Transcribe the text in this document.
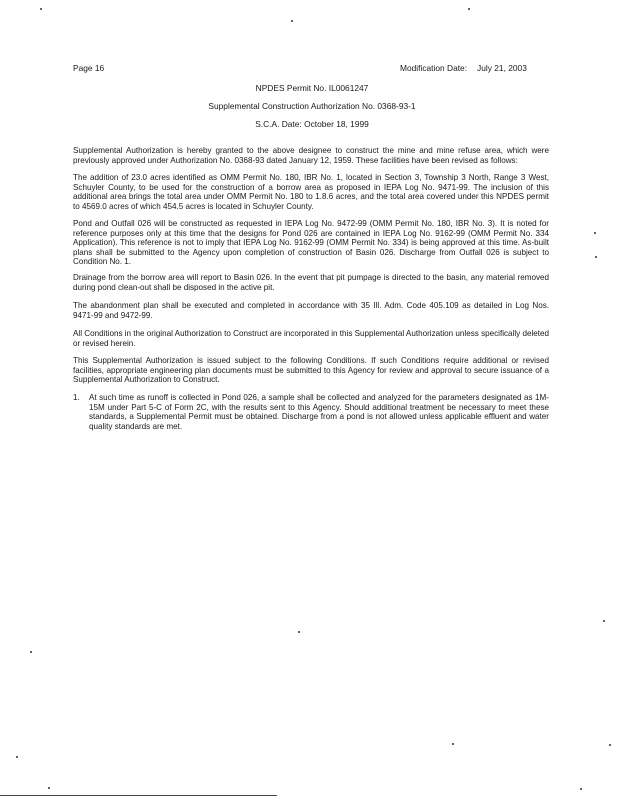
Page 16	Modification Date: July 21, 2003
NPDES Permit No. IL0061247
Supplemental Construction Authorization No. 0368-93-1
S.C.A. Date: October 18, 1999
Supplemental Authorization is hereby granted to the above designee to construct the mine and mine refuse area, which were previously approved under Authorization No. 0368-93 dated January 12, 1959. These facilities have been revised as follows:
The addition of 23.0 acres identified as OMM Permit No. 180, IBR No. 1, located in Section 3, Township 3 North, Range 3 West, Schuyler County, to be used for the construction of a borrow area as proposed in IEPA Log No. 9471-99. The inclusion of this additional area brings the total area under OMM Permit No. 180 to 1.8.6 acres, and the total area covered under this NPDES permit to 4569.0 acres of which 454.5 acres is located in Schuyler County.
Pond and Outfall 026 will be constructed as requested in IEPA Log No. 9472-99 (OMM Permit No. 180, IBR No. 3). It is noted for reference purposes only at this time that the designs for Pond 026 are contained in IEPA Log No. 9162-99 (OMM Permit No. 334 Application). This reference is not to imply that IEPA Log No. 9162-99 (OMM Permit No. 334) is being approved at this time. As-built plans shall be submitted to the Agency upon completion of construction of Basin 026. Discharge from Outfall 026 is subject to Condition No. 1.
Drainage from the borrow area will report to Basin 026. In the event that pit pumpage is directed to the basin, any material removed during pond clean-out shall be disposed in the active pit.
The abandonment plan shall be executed and completed in accordance with 35 Ill. Adm. Code 405.109 as detailed in Log Nos. 9471-99 and 9472-99.
All Conditions in the original Authorization to Construct are incorporated in this Supplemental Authorization unless specifically deleted or revised herein.
This Supplemental Authorization is issued subject to the following Conditions. If such Conditions require additional or revised facilities, appropriate engineering plan documents must be submitted to this Agency for review and approval to secure issuance of a Supplemental Authorization to Construct.
1. At such time as runoff is collected in Pond 026, a sample shall be collected and analyzed for the parameters designated as 1M-15M under Part 5-C of Form 2C, with the results sent to this Agency. Should additional treatment be necessary to meet these standards, a Supplemental Permit must be obtained. Discharge from a pond is not allowed unless applicable effluent and water quality standards are met.
